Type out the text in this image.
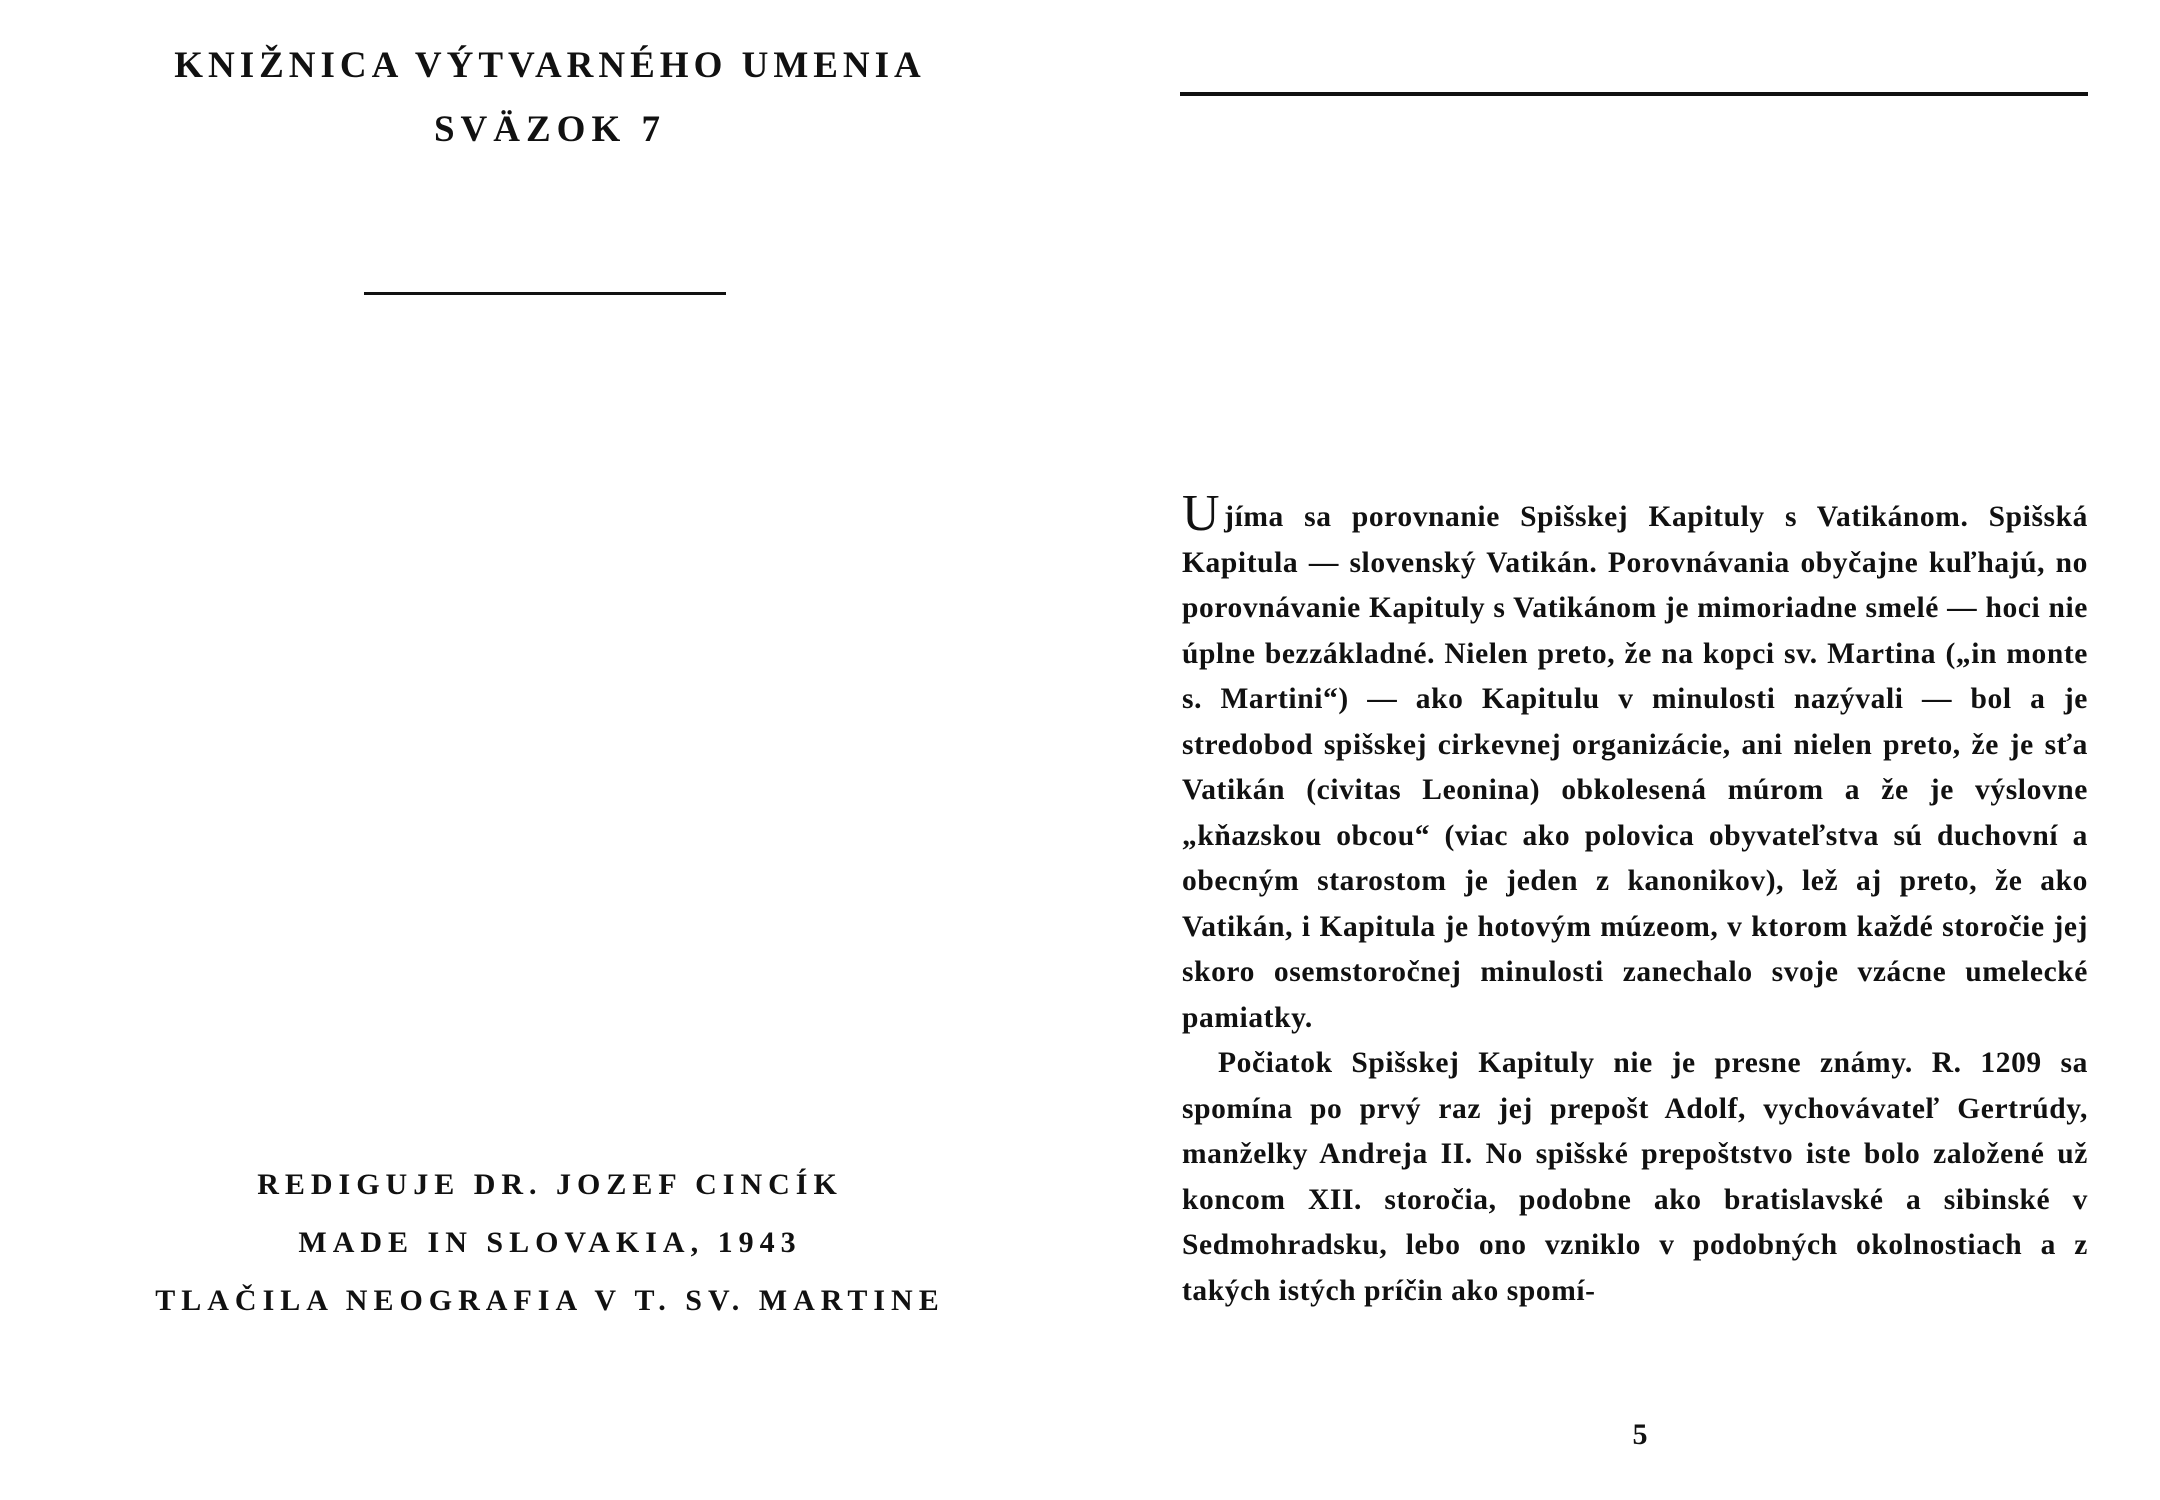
KNIŽNICA VÝTVARNÉHO UMENIA
SVÄZOK 7
REDIGUJE DR. JOZEF CINCÍK
MADE IN SLOVAKIA, 1943
TLAČILA NEOGRAFIA V T. SV. MARTINE

Ujíma sa porovnanie Spišskej Kapituly s Vatikánom. Spišská Kapitula — slovenský Vatikán. Porovnávania obyčajne kuľhajú, no porovnávanie Kapituly s Vatikánom je mimoriadne smelé — hoci nie úplne bezzákladné. Nielen preto, že na kopci sv. Martina („in monte s. Martini“) — ako Kapitulu v minulosti nazývali — bol a je stredobod spišskej cirkevnej organizácie, ani nielen preto, že je sťa Vatikán (civitas Leonina) obkolesená múrom a že je výslovne „kňazskou obcou“ (viac ako polovica obyvateľstva sú duchovní a obecným starostom je jeden z kanonikov), lež aj preto, že ako Vatikán, i Kapitula je hotovým múzeom, v ktorom každé storočie jej skoro osemstoročnej minulosti zanechalo svoje vzácne umelecké pamiatky.

Počiatok Spišskej Kapituly nie je presne známy. R. 1209 sa spomína po prvý raz jej prepošt Adolf, vychovávateľ Gertrúdy, manželky Andreja II. No spišské prepoštstvo iste bolo založené už koncom XII. storočia, podobne ako bratislavské a sibinské v Sedmohradsku, lebo ono vzniklo v podobných okolnostiach a z takých istých príčin ako spomí-

5
